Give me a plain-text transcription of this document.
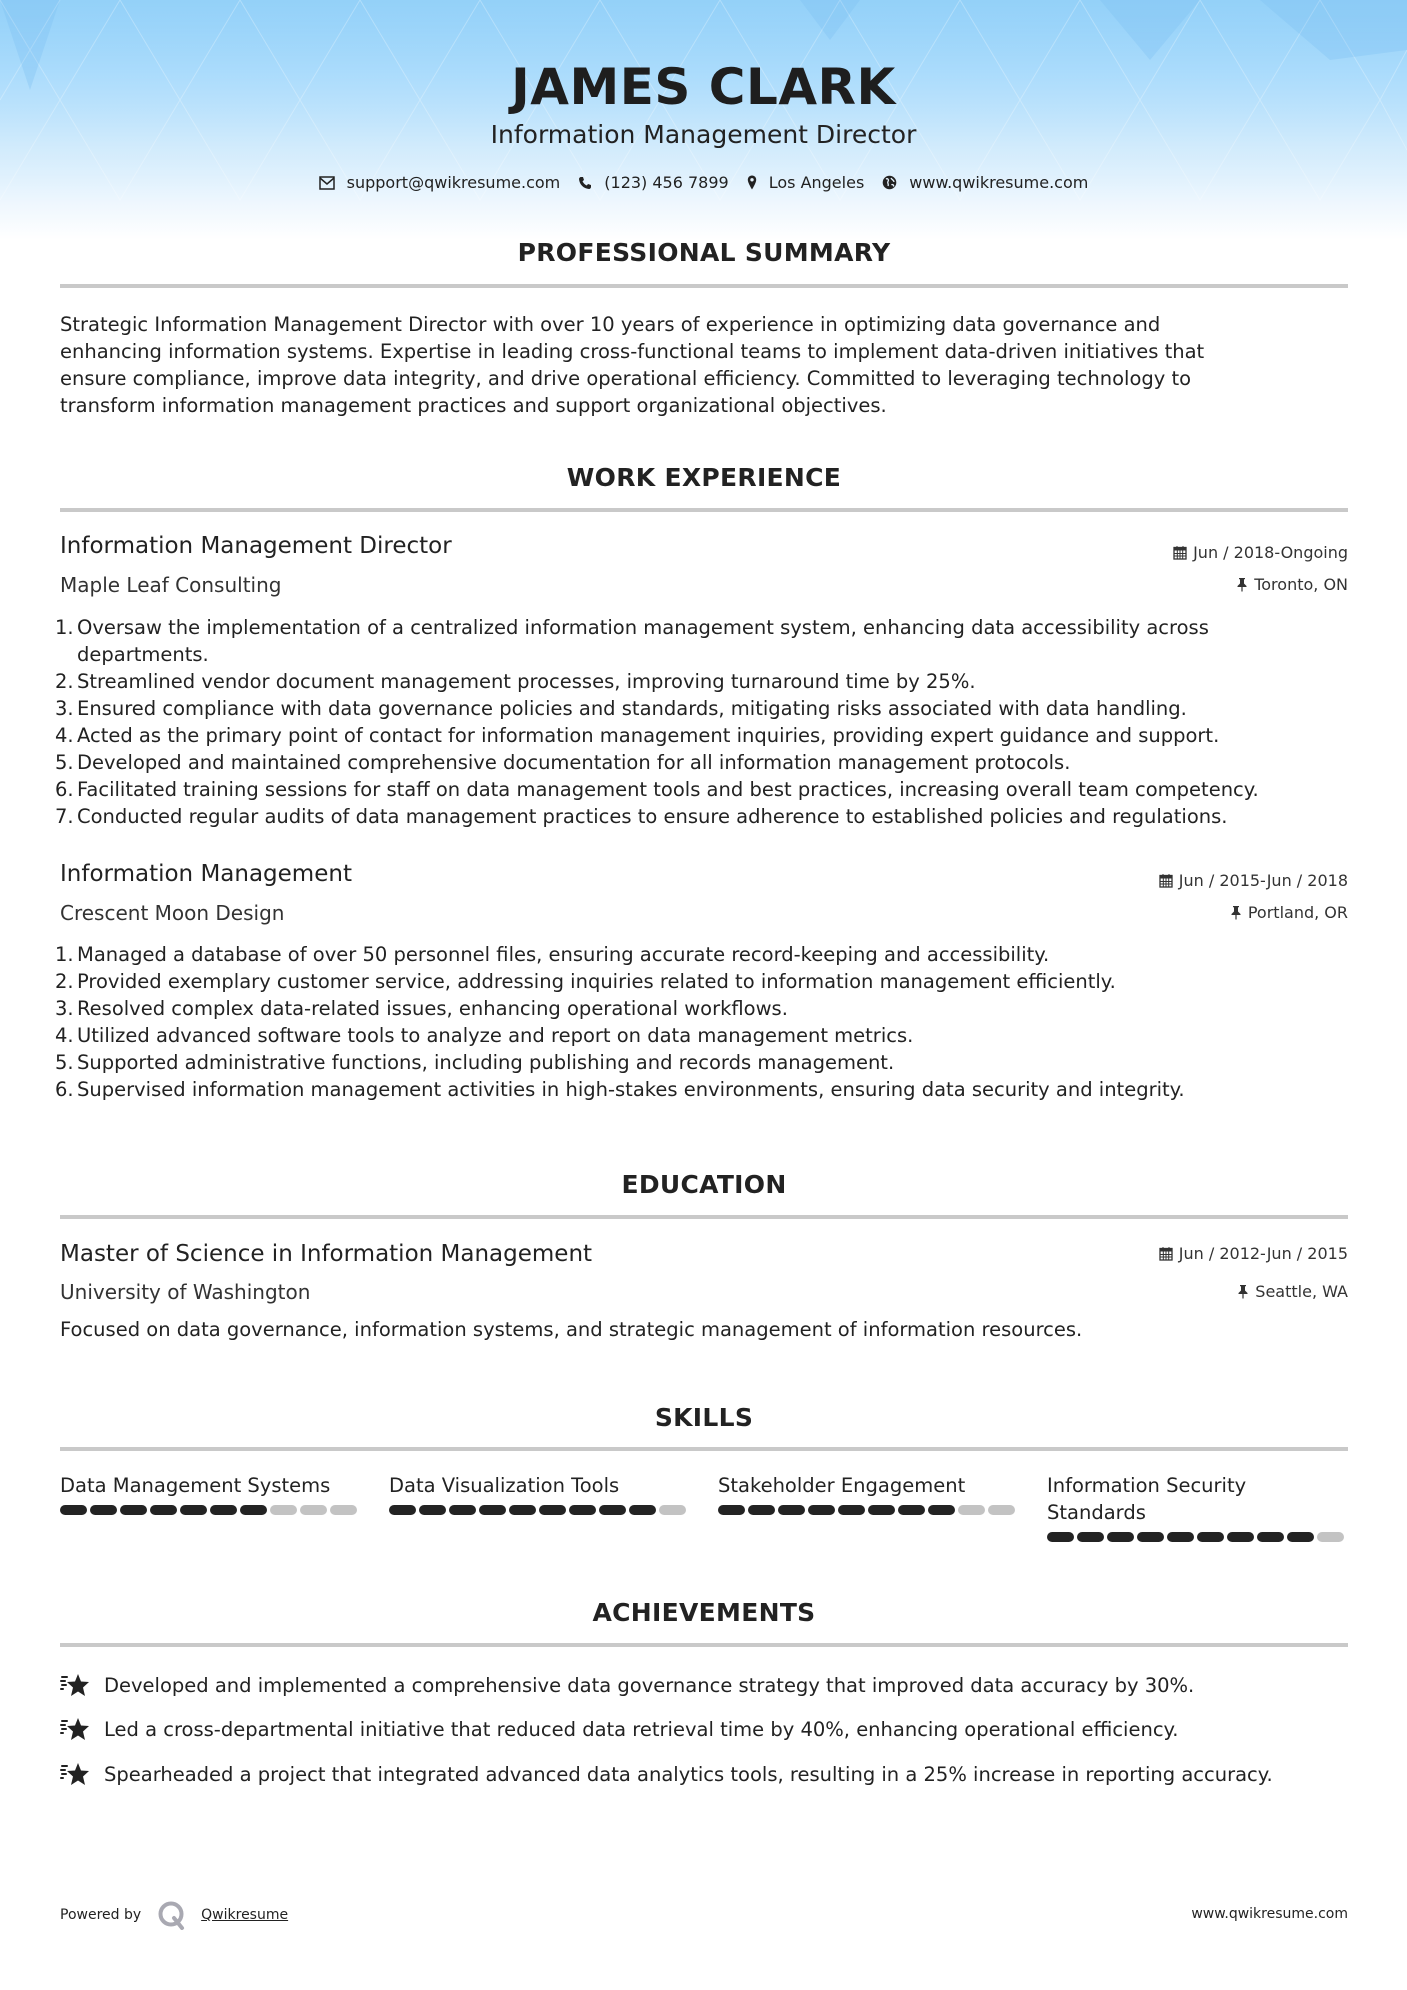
JAMES CLARK
Information Management Director
support@qwikresume.com	(123) 456 7899	Los Angeles	www.qwikresume.com
PROFESSIONAL SUMMARY
Strategic Information Management Director with over 10 years of experience in optimizing data governance and
enhancing information systems. Expertise in leading cross-functional teams to implement data-driven initiatives that
ensure compliance, improve data integrity, and drive operational efficiency. Committed to leveraging technology to
transform information management practices and support organizational objectives.
WORK EXPERIENCE
Information Management Director	Jun / 2018-Ongoing
Maple Leaf Consulting	Toronto, ON
1. Oversaw the implementation of a centralized information management system, enhancing data accessibility across
departments.
2. Streamlined vendor document management processes, improving turnaround time by 25%.
3. Ensured compliance with data governance policies and standards, mitigating risks associated with data handling.
4. Acted as the primary point of contact for information management inquiries, providing expert guidance and support.
5. Developed and maintained comprehensive documentation for all information management protocols.
6. Facilitated training sessions for staff on data management tools and best practices, increasing overall team competency.
7. Conducted regular audits of data management practices to ensure adherence to established policies and regulations.
Information Management	Jun / 2015-Jun / 2018
Crescent Moon Design	Portland, OR
1. Managed a database of over 50 personnel files, ensuring accurate record-keeping and accessibility.
2. Provided exemplary customer service, addressing inquiries related to information management efficiently.
3. Resolved complex data-related issues, enhancing operational workflows.
4. Utilized advanced software tools to analyze and report on data management metrics.
5. Supported administrative functions, including publishing and records management.
6. Supervised information management activities in high-stakes environments, ensuring data security and integrity.
EDUCATION
Master of Science in Information Management	Jun / 2012-Jun / 2015
University of Washington	Seattle, WA
Focused on data governance, information systems, and strategic management of information resources.
SKILLS
Data Management Systems	Data Visualization Tools	Stakeholder Engagement	Information Security Standards
ACHIEVEMENTS
Developed and implemented a comprehensive data governance strategy that improved data accuracy by 30%.
Led a cross-departmental initiative that reduced data retrieval time by 40%, enhancing operational efficiency.
Spearheaded a project that integrated advanced data analytics tools, resulting in a 25% increase in reporting accuracy.
Powered by	Qwikresume	www.qwikresume.com
